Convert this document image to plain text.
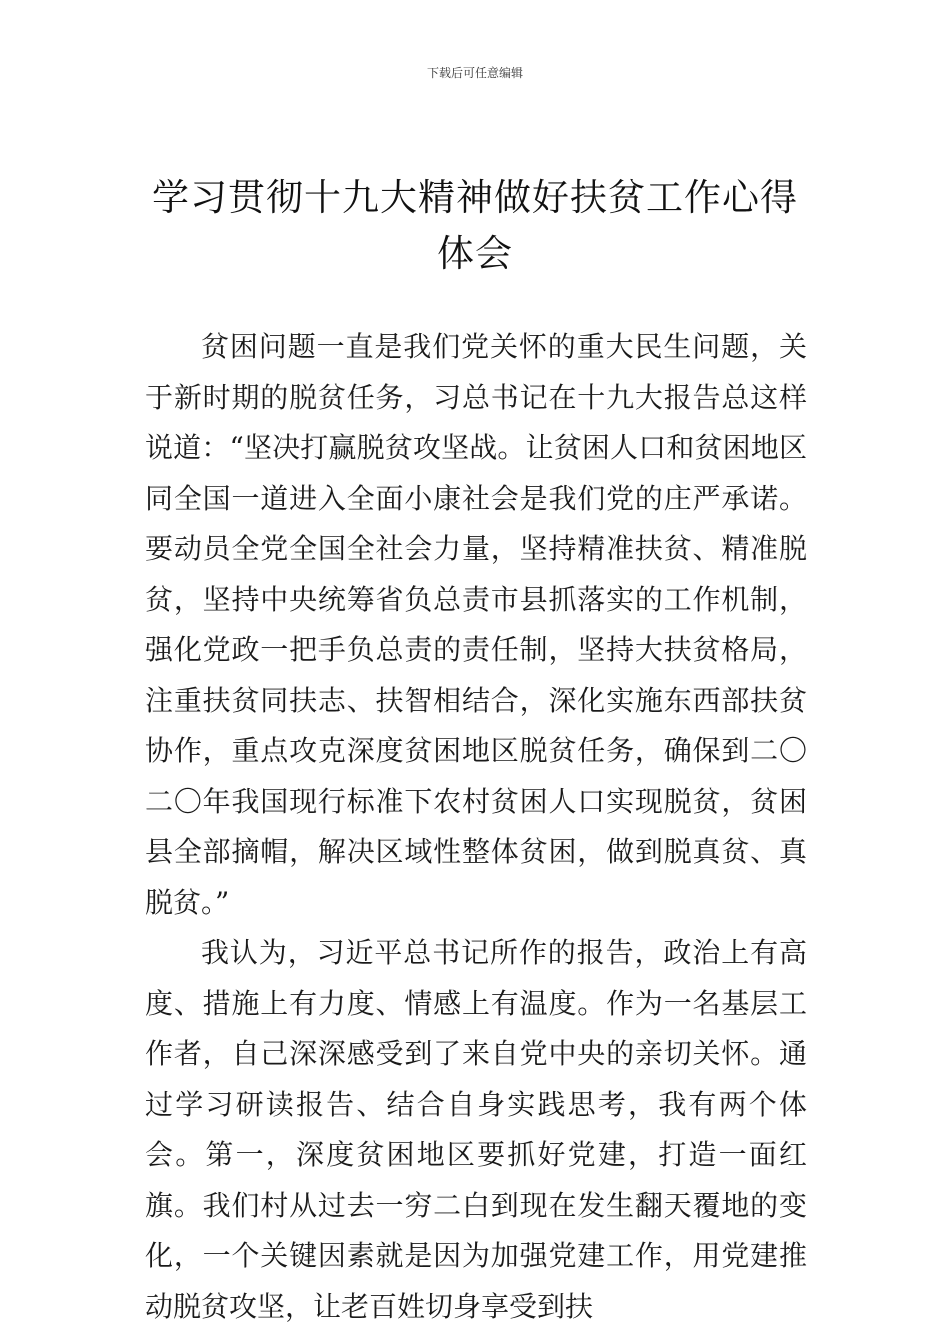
下载后可任意编辑
学习贯彻十九大精神做好扶贫工作心得体会

贫困问题一直是我们党关怀的重大民生问题，关于新时期的脱贫任务，习总书记在十九大报告总这样说道：“坚决打赢脱贫攻坚战。让贫困人口和贫困地区同全国一道进入全面小康社会是我们党的庄严承诺。要动员全党全国全社会力量，坚持精准扶贫、精准脱贫，坚持中央统筹省负总责市县抓落实的工作机制，强化党政一把手负总责的责任制，坚持大扶贫格局，注重扶贫同扶志、扶智相结合，深化实施东西部扶贫协作，重点攻克深度贫困地区脱贫任务，确保到二〇二〇年我国现行标准下农村贫困人口实现脱贫，贫困县全部摘帽，解决区域性整体贫困，做到脱真贫、真脱贫。”

我认为，习近平总书记所作的报告，政治上有高度、措施上有力度、情感上有温度。作为一名基层工作者，自己深深感受到了来自党中央的亲切关怀。通过学习研读报告、结合自身实践思考，我有两个体会。第一，深度贫困地区要抓好党建，打造一面红旗。我们村从过去一穷二白到现在发生翻天覆地的变化，一个关键因素就是因为加强党建工作，用党建推动脱贫攻坚，让老百姓切身享受到扶
